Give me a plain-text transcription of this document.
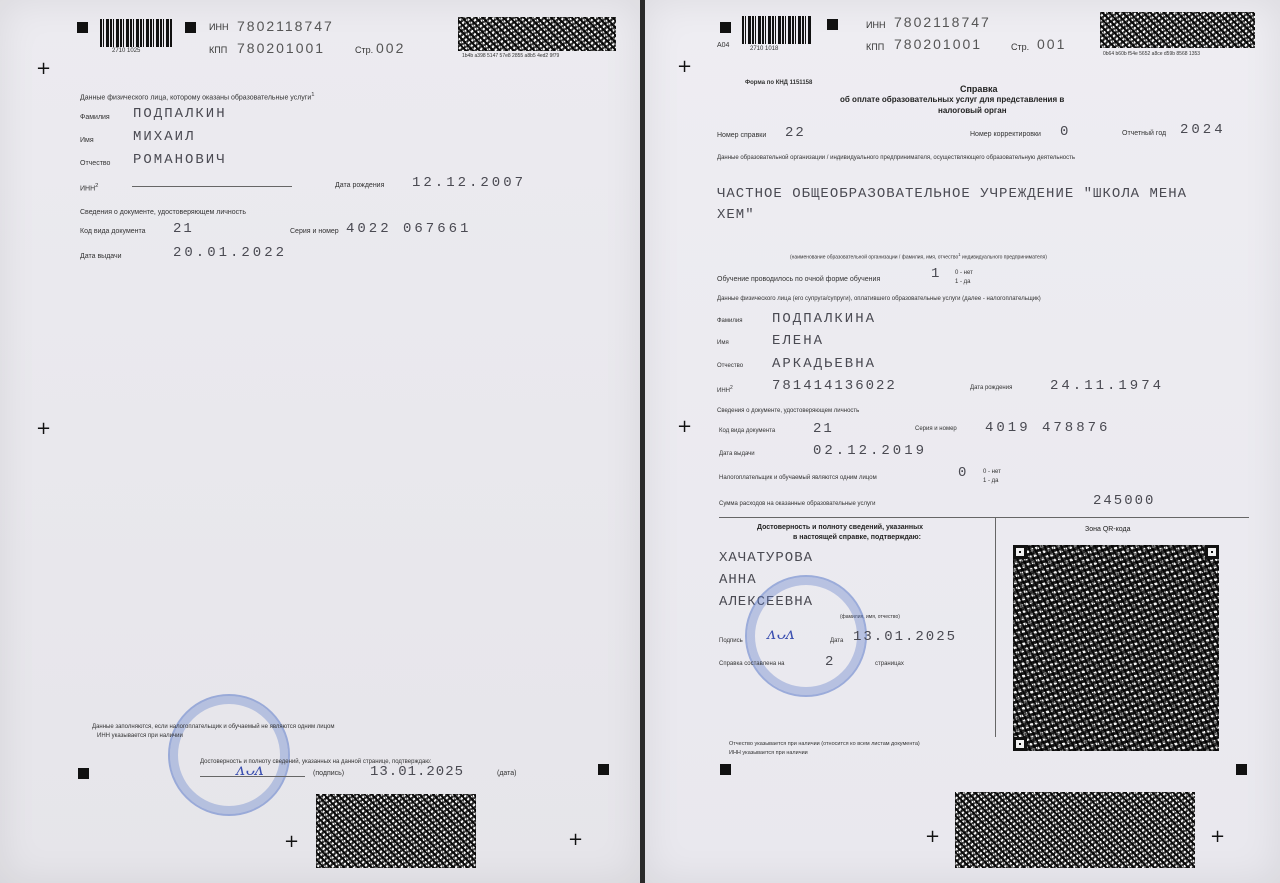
2710 1025
ИНН 7802118747
КПП 780201001	Стр. 002	1b4b a398 5147 57e8 2855 a8b5 4ed2 9f79
+
+
Данные физического лица, которому оказаны образовательные услуги$^1$
Фамилия ПОДПАЛКИН
Имя	МИХАИЛ
Отчество РОМАНОВИЧ
ИНН$^2$	Дата рождения 12.12.2007
Сведения о документе, удостоверяющем личность
Код вида документа 21	Серия и номер 4022 067661
Дата выдачи	20.01.2022
Данные заполняются, если налогоплательщик и обучаемый не являются одним лицом
ИНН указывается при наличии
Достоверность и полноту сведений, указанных на данной странице, подтверждаю:
ᴧᴗᴧ	(подпись) 13.01.2025	(дата)
+	+
A04	2710 1018
ИНН 7802118747
КПП 780201001	Стр. 001
0b64 b60b f54e 5652 a8ce d59b 8568 1353
+
+
Форма по КНД 1151158
Справка
об оплате образовательных услуг для представления в
налоговый орган
Номер справки 22	Номер корректировки 0	Отчетный год 2024
Данные образовательной организации / индивидуального предпринимателя, осуществляющего образовательную деятельность
ЧАСТНОЕ ОБЩЕОБРАЗОВАТЕЛЬНОЕ УЧРЕЖДЕНИЕ "ШКОЛА МЕНА
ХЕМ"
(наименование образовательной организации / фамилия, имя, отчество$^1$ индивидуального предпринимателя)
Обучение проводилось по очной форме обучения	1 0 - нет
1 - да
Данные физического лица (его супруга/супруги), оплатившего образовательные услуги (далее - налогоплательщик)
Фамилия ПОДПАЛКИНА
Имя	ЕЛЕНА
Отчество АРКАДЬЕВНА
ИНН$^2$	781414136022	Дата рождения	24.11.1974
Сведения о документе, удостоверяющем личность
Код вида документа	21	Серия и номер 4019 478876
Дата выдачи	02.12.2019
Налогоплательщик и обучаемый являются одним лицом	0 0 - нет
1 - да
Сумма расходов на оказанные образовательные услуги	245000
Достоверность и полноту сведений, указанных
в настоящей справке, подтверждаю:
Зона QR-кода
ХАЧАТУРОВА
АННА
АЛЕКСЕЕВНА
(фамилия, имя, отчество)
Подпись ᴧᴗᴧ	Дата 13.01.2025
Справка составлена на	2	страницах
Отчество указывается при наличии (относится ко всем листам документа)
ИНН указывается при наличии
+	+
